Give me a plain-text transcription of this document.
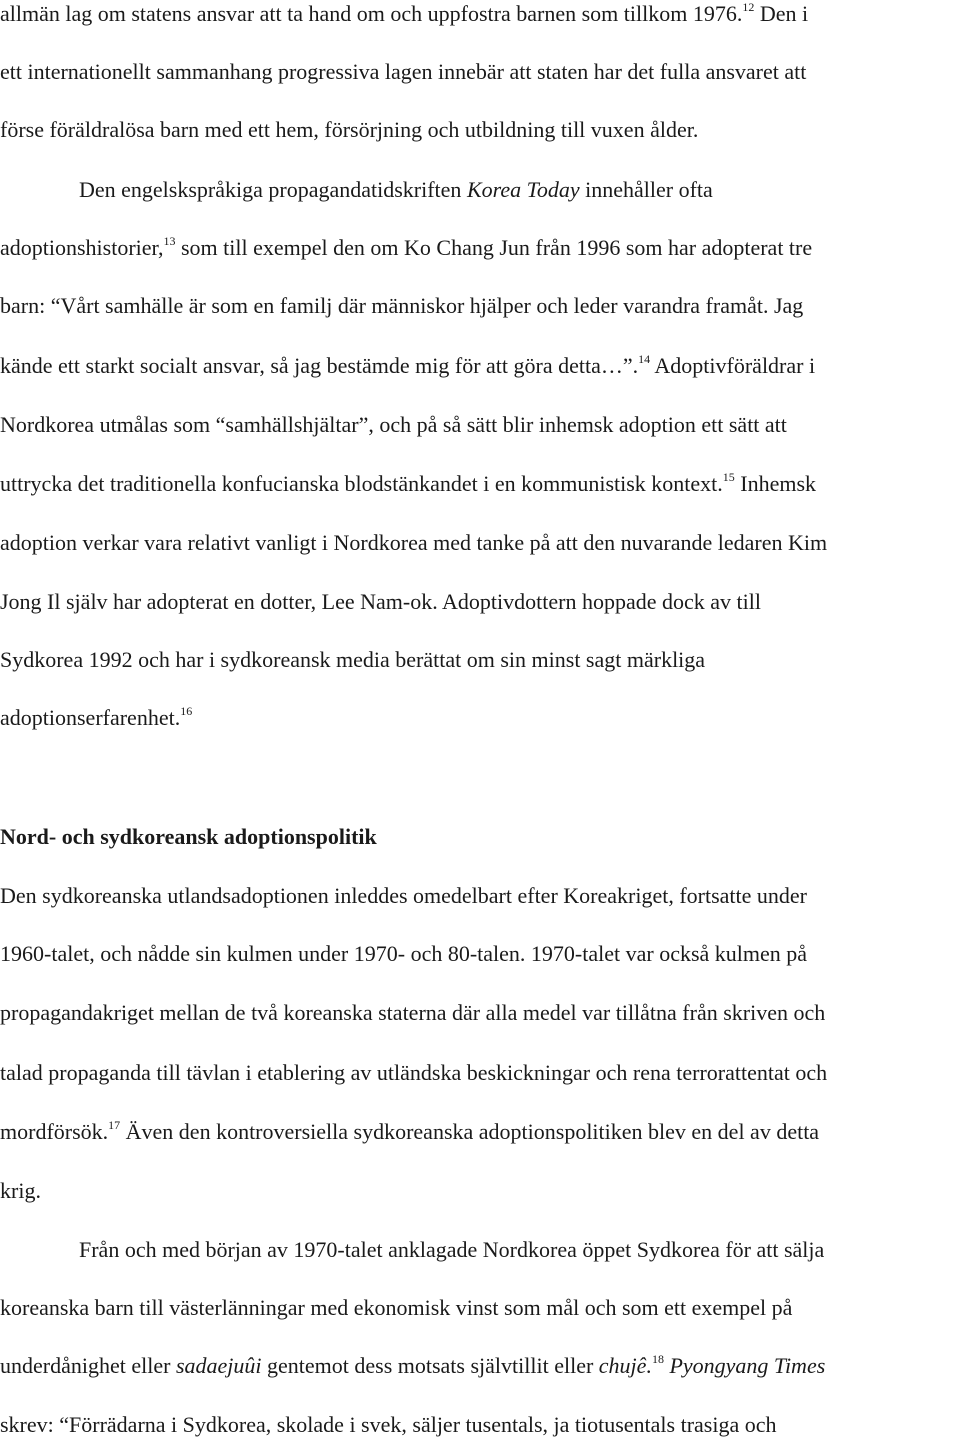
allmän lag om statens ansvar att ta hand om och uppfostra barnen som tillkom 1976.12 Den i
ett internationellt sammanhang progressiva lagen innebär att staten har det fulla ansvaret att
förse föräldralösa barn med ett hem, försörjning och utbildning till vuxen ålder.
Den engelskspråkiga propagandatidskriften Korea Today innehåller ofta
adoptionshistorier,$^{13}$ som till exempel den om Ko Chang Jun från 1996 som har adopterat tre
barn: “Vårt samhälle är som en familj där människor hjälper och leder varandra framåt. Jag
kände ett starkt socialt ansvar, så jag bestämde mig för att göra detta…”.$^{14}$ Adoptivföräldrar i
Nordkorea utmålas som “samhällshjältar”, och på så sätt blir inhemsk adoption ett sätt att
uttrycka det traditionella konfucianska blodstänkandet i en kommunistisk kontext.$^{15}$ Inhemsk
adoption verkar vara relativt vanligt i Nordkorea med tanke på att den nuvarande ledaren Kim
Jong Il själv har adopterat en dotter, Lee Nam-ok. Adoptivdottern hoppade dock av till
Sydkorea 1992 och har i sydkoreansk media berättat om sin minst sagt märkliga
adoptionserfarenhet.$^{16}$
Nord- och sydkoreansk adoptionspolitik
Den sydkoreanska utlandsadoptionen inleddes omedelbart efter Koreakriget, fortsatte under
1960-talet, och nådde sin kulmen under 1970- och 80-talen. 1970-talet var också kulmen på
propagandakriget mellan de två koreanska staterna där alla medel var tillåtna från skriven och
talad propaganda till tävlan i etablering av utländska beskickningar och rena terrorattentat och
mordförsök.$^{17}$ Även den kontroversiella sydkoreanska adoptionspolitiken blev en del av detta
krig.
Från och med början av 1970-talet anklagade Nordkorea öppet Sydkorea för att sälja
koreanska barn till västerlänningar med ekonomisk vinst som mål och som ett exempel på
underdånighet eller sadaejuûi gentemot dess motsats självtillit eller chujê.$^{18}$ Pyongyang Times
skrev: “Förrädarna i Sydkorea, skolade i svek, säljer tusentals, ja tiotusentals trasiga och
